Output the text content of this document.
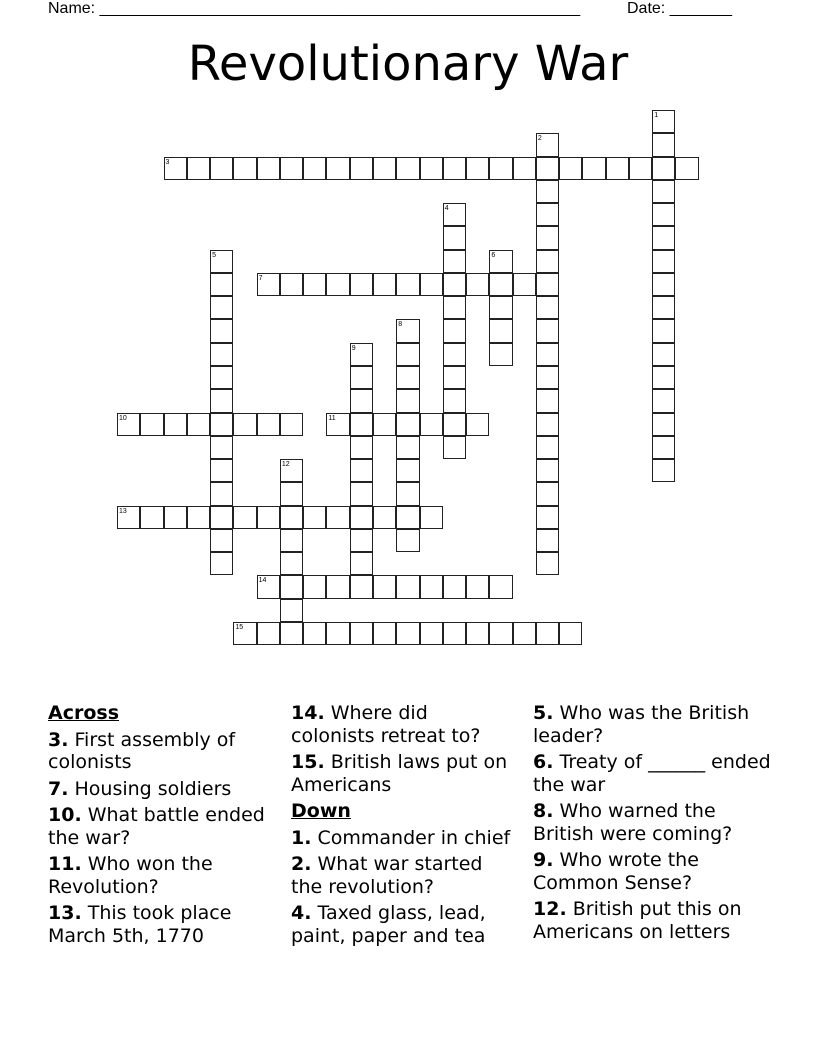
Name: ______________________________________________________	Date: _______
Revolutionary War
1
2
3
4
5	6
7
8
9
10	11
12
13
14
15
Across
3. First assembly of colonists
7. Housing soldiers
10. What battle ended the war?
11. Who won the Revolution?
13. This took place March 5th, 1770
14. Where did colonists retreat to?
15. British laws put on Americans
Down
1. Commander in chief
2. What war started the revolution?
4. Taxed glass, lead, paint, paper and tea
5. Who was the British leader?
6. Treaty of ______ ended the war
8. Who warned the British were coming?
9. Who wrote the Common Sense?
12. British put this on Americans on letters
